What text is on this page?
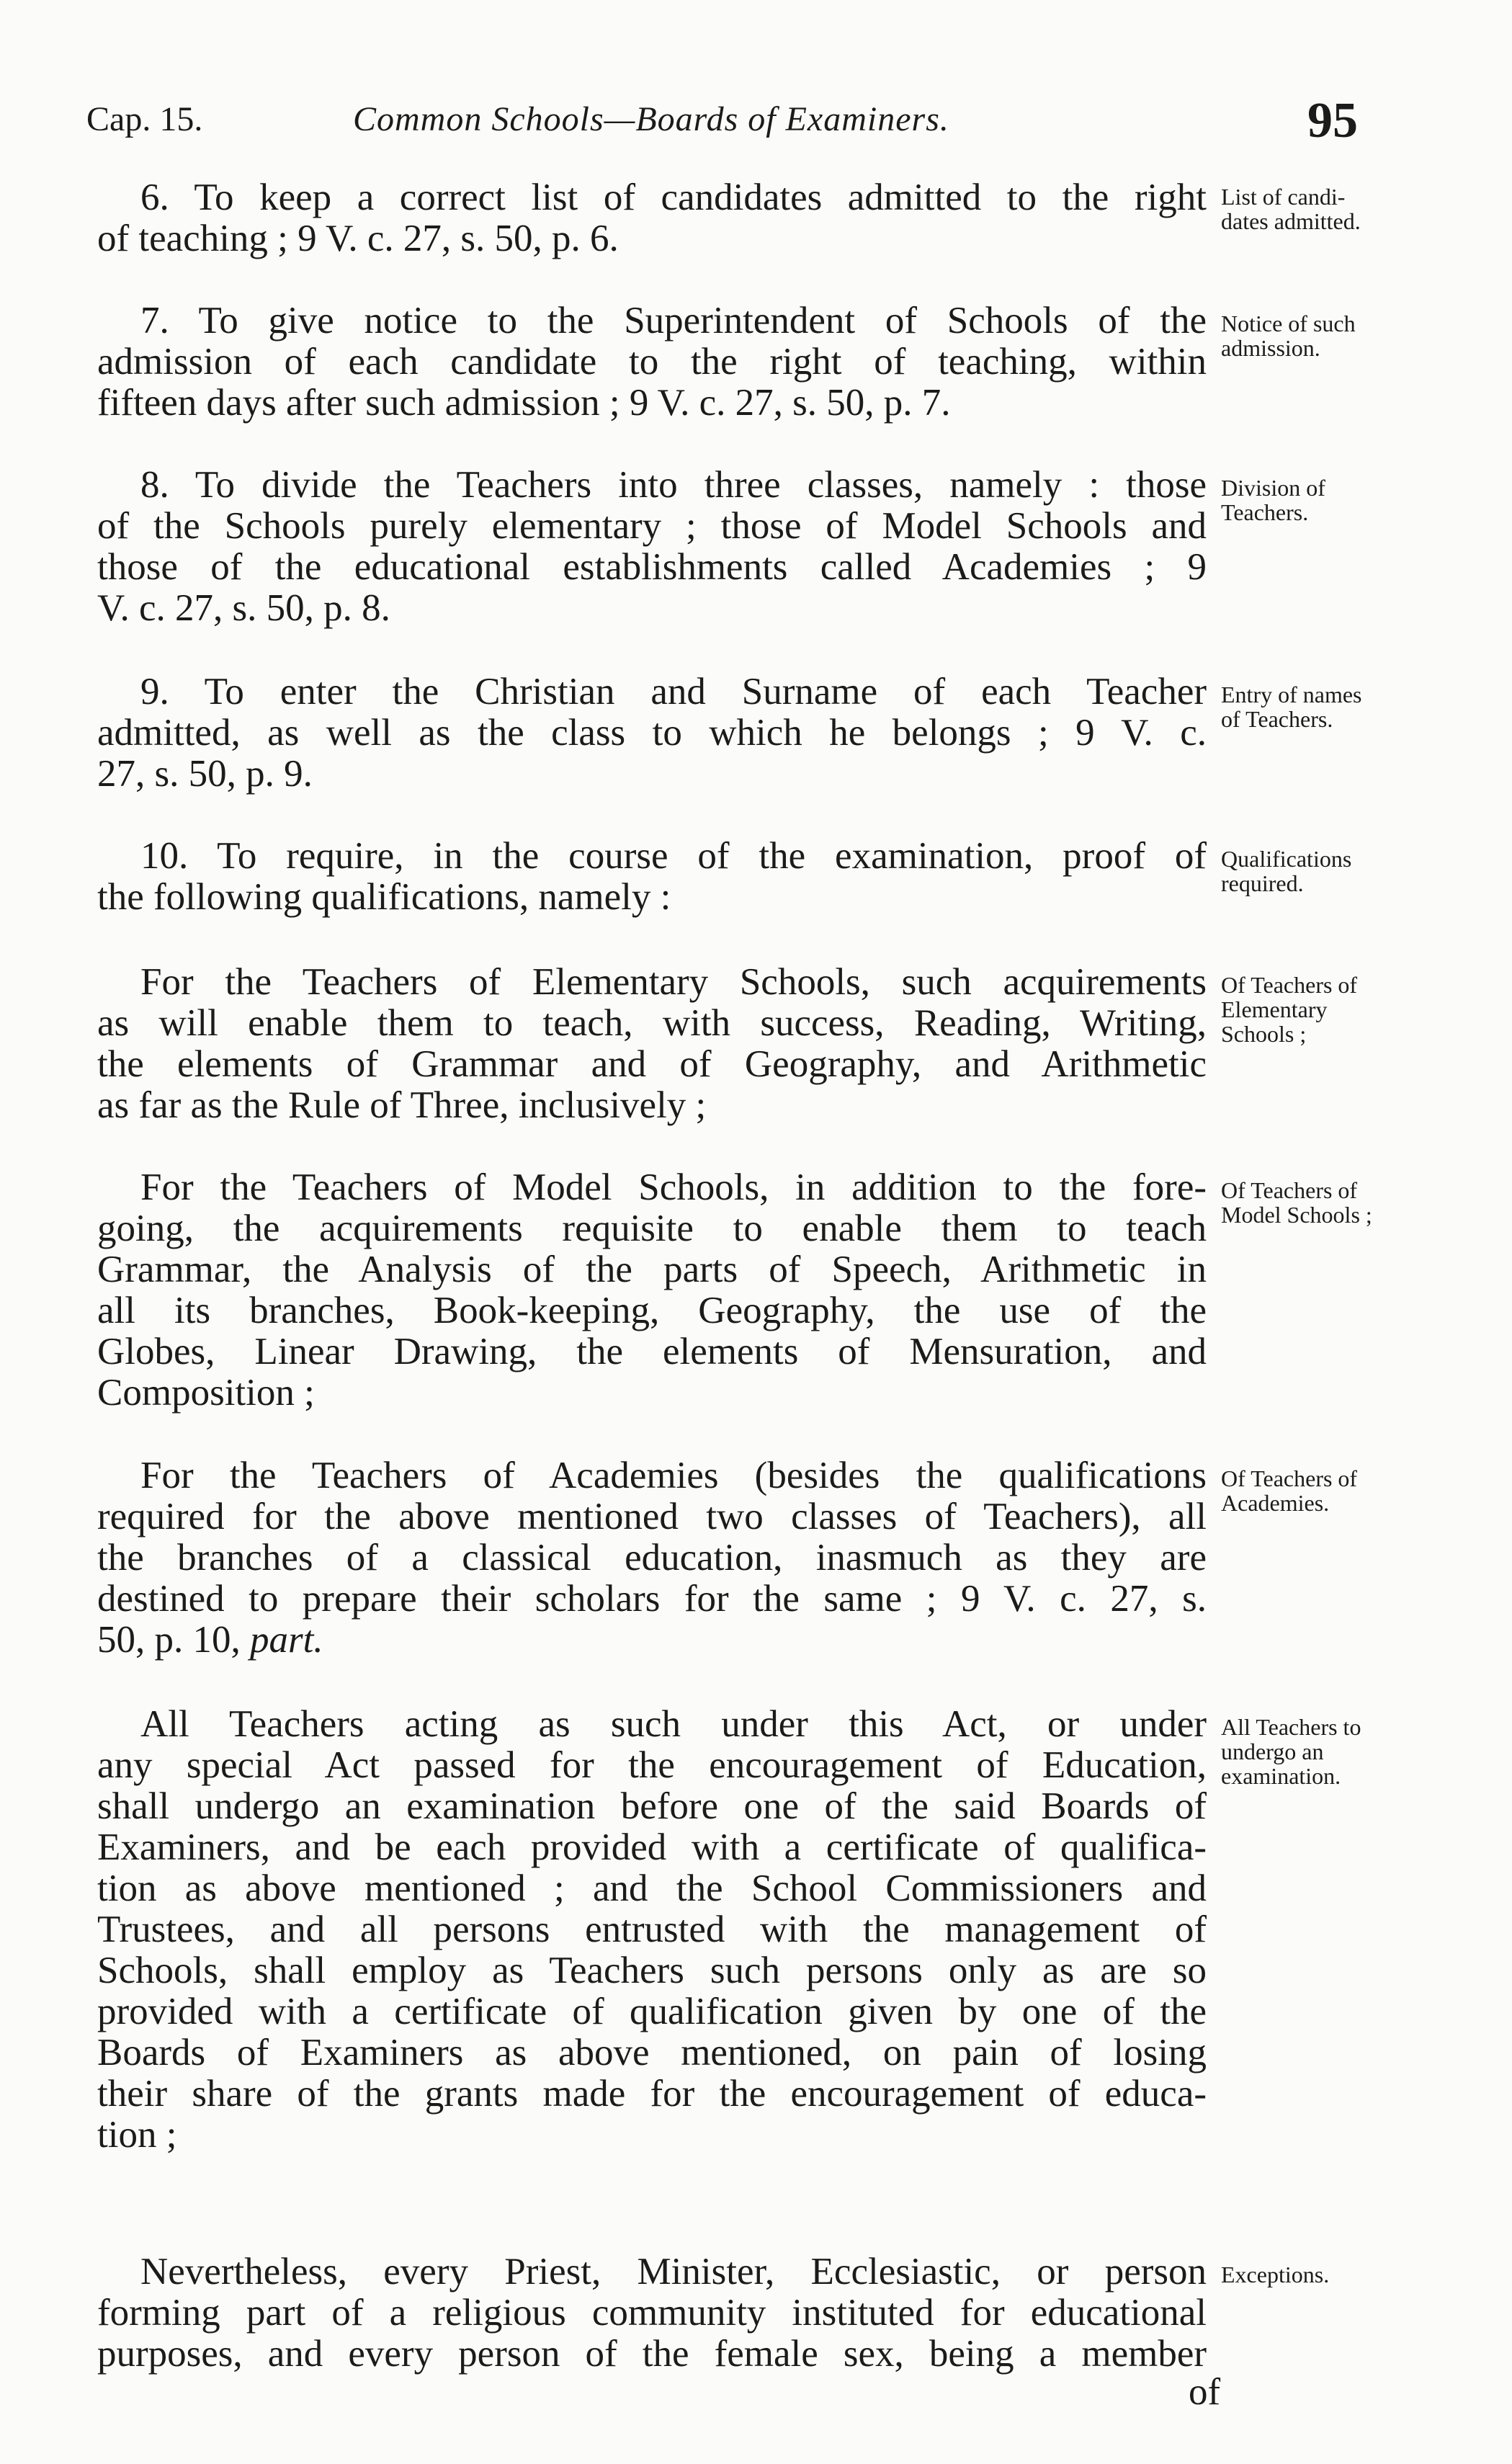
Cap. 15.	Common Schools—Boards of Examiners.	95
6. To keep a correct list of candidates admitted to the right
of teaching ; 9 V. c. 27, s. 50, p. 6.
List of candi-
dates admitted.
7. To give notice to the Superintendent of Schools of the
admission of each candidate to the right of teaching, within
fifteen days after such admission ; 9 V. c. 27, s. 50, p. 7.
Notice of such
admission.
8. To divide the Teachers into three classes, namely : those
of the Schools purely elementary ; those of Model Schools and
those of the educational establishments called Academies ; 9
V. c. 27, s. 50, p. 8.
Division of
Teachers.
9. To enter the Christian and Surname of each Teacher
admitted, as well as the class to which he belongs ; 9 V. c.
27, s. 50, p. 9.
Entry of names
of Teachers.
10. To require, in the course of the examination, proof of
the following qualifications, namely :
Qualifications
required.
For the Teachers of Elementary Schools, such acquirements
as will enable them to teach, with success, Reading, Writing,
the elements of Grammar and of Geography, and Arithmetic
as far as the Rule of Three, inclusively ;
Of Teachers of
Elementary
Schools ;
For the Teachers of Model Schools, in addition to the fore-
going, the acquirements requisite to enable them to teach
Grammar, the Analysis of the parts of Speech, Arithmetic in
all its branches, Book-keeping, Geography, the use of the
Globes, Linear Drawing, the elements of Mensuration, and
Composition ;
Of Teachers of
Model Schools ;
For the Teachers of Academies (besides the qualifications
required for the above mentioned two classes of Teachers), all
the branches of a classical education, inasmuch as they are
destined to prepare their scholars for the same ; 9 V. c. 27, s.
50, p. 10, part.
Of Teachers of
Academies.
All Teachers acting as such under this Act, or under
any special Act passed for the encouragement of Education,
shall undergo an examination before one of the said Boards of
Examiners, and be each provided with a certificate of qualifica-
tion as above mentioned ; and the School Commissioners and
Trustees, and all persons entrusted with the management of
Schools, shall employ as Teachers such persons only as are so
provided with a certificate of qualification given by one of the
Boards of Examiners as above mentioned, on pain of losing
their share of the grants made for the encouragement of educa-
tion ;
All Teachers to
undergo an
examination.
Nevertheless, every Priest, Minister, Ecclesiastic, or person
forming part of a religious community instituted for educational
purposes, and every person of the female sex, being a member
Exceptions.
of
